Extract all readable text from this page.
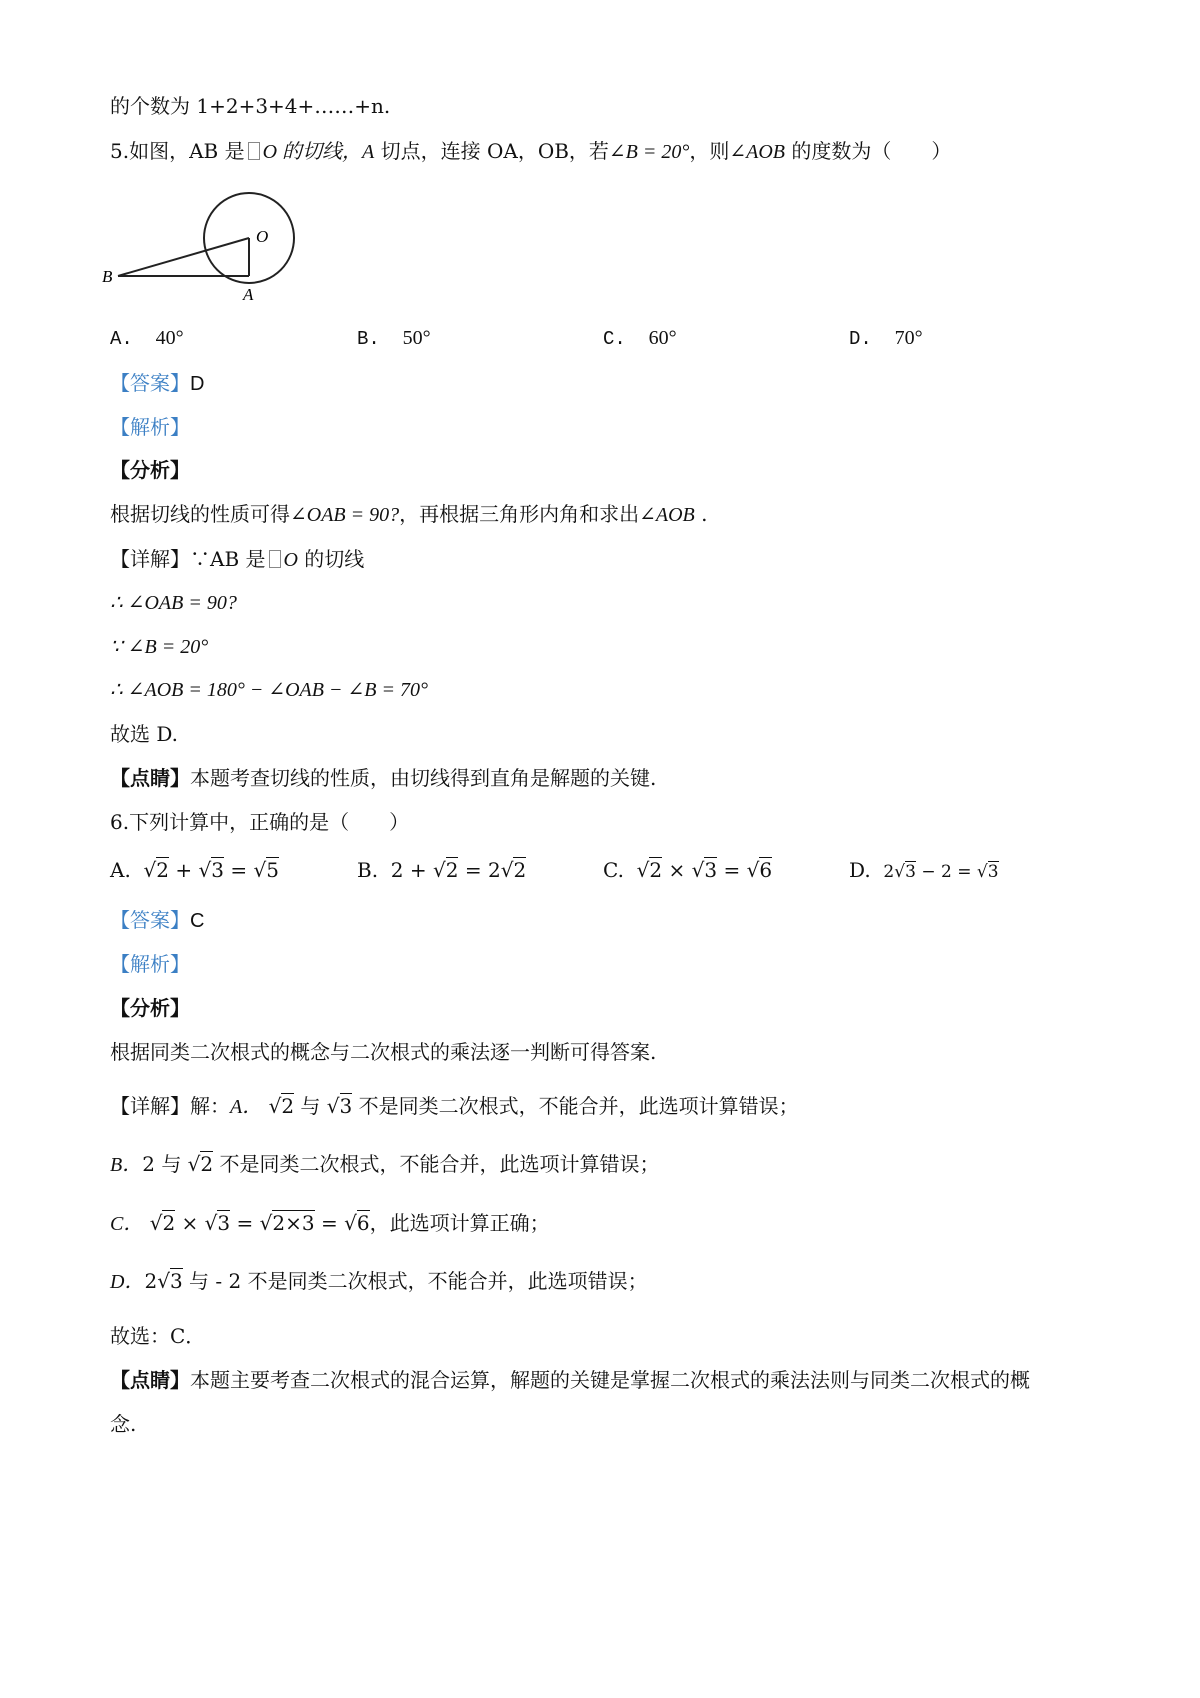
的个数为 1+2+3+4+……+n.
5.如图，AB 是 O 的切线，A 切点，连接 OA，OB，若∠B = 20°，则∠AOB 的度数为（　　）
B
O
A
A. 40°	B. 50°	C. 60°	D. 70°
【答案】D
【解析】
【分析】
根据切线的性质可得∠OAB = 90?，再根据三角形内角和求出∠AOB .
【详解】∵AB 是 O 的切线
∴ ∠OAB = 90?
∵ ∠B = 20°
∴ ∠AOB = 180° − ∠OAB − ∠B = 70°
故选 D.
【点睛】本题考查切线的性质，由切线得到直角是解题的关键.
6.下列计算中，正确的是（　　）
A. √2 + √3 = √5	B. 2 + √2 = 2√2	C. √2 × √3 = √6	D. 2√3 − 2 = √3
【答案】C
【解析】
【分析】
根据同类二次根式的概念与二次根式的乘法逐一判断可得答案.
【详解】解：A． √2 与 √3 不是同类二次根式，不能合并，此选项计算错误；
B．2 与 √2 不是同类二次根式，不能合并，此选项计算错误；
C． √2 × √3 = √2×3 = √6，此选项计算正确；
D．2√3 与 - 2 不是同类二次根式，不能合并，此选项错误；
故选：C．
【点睛】本题主要考查二次根式的混合运算，解题的关键是掌握二次根式的乘法法则与同类二次根式的概
念.
